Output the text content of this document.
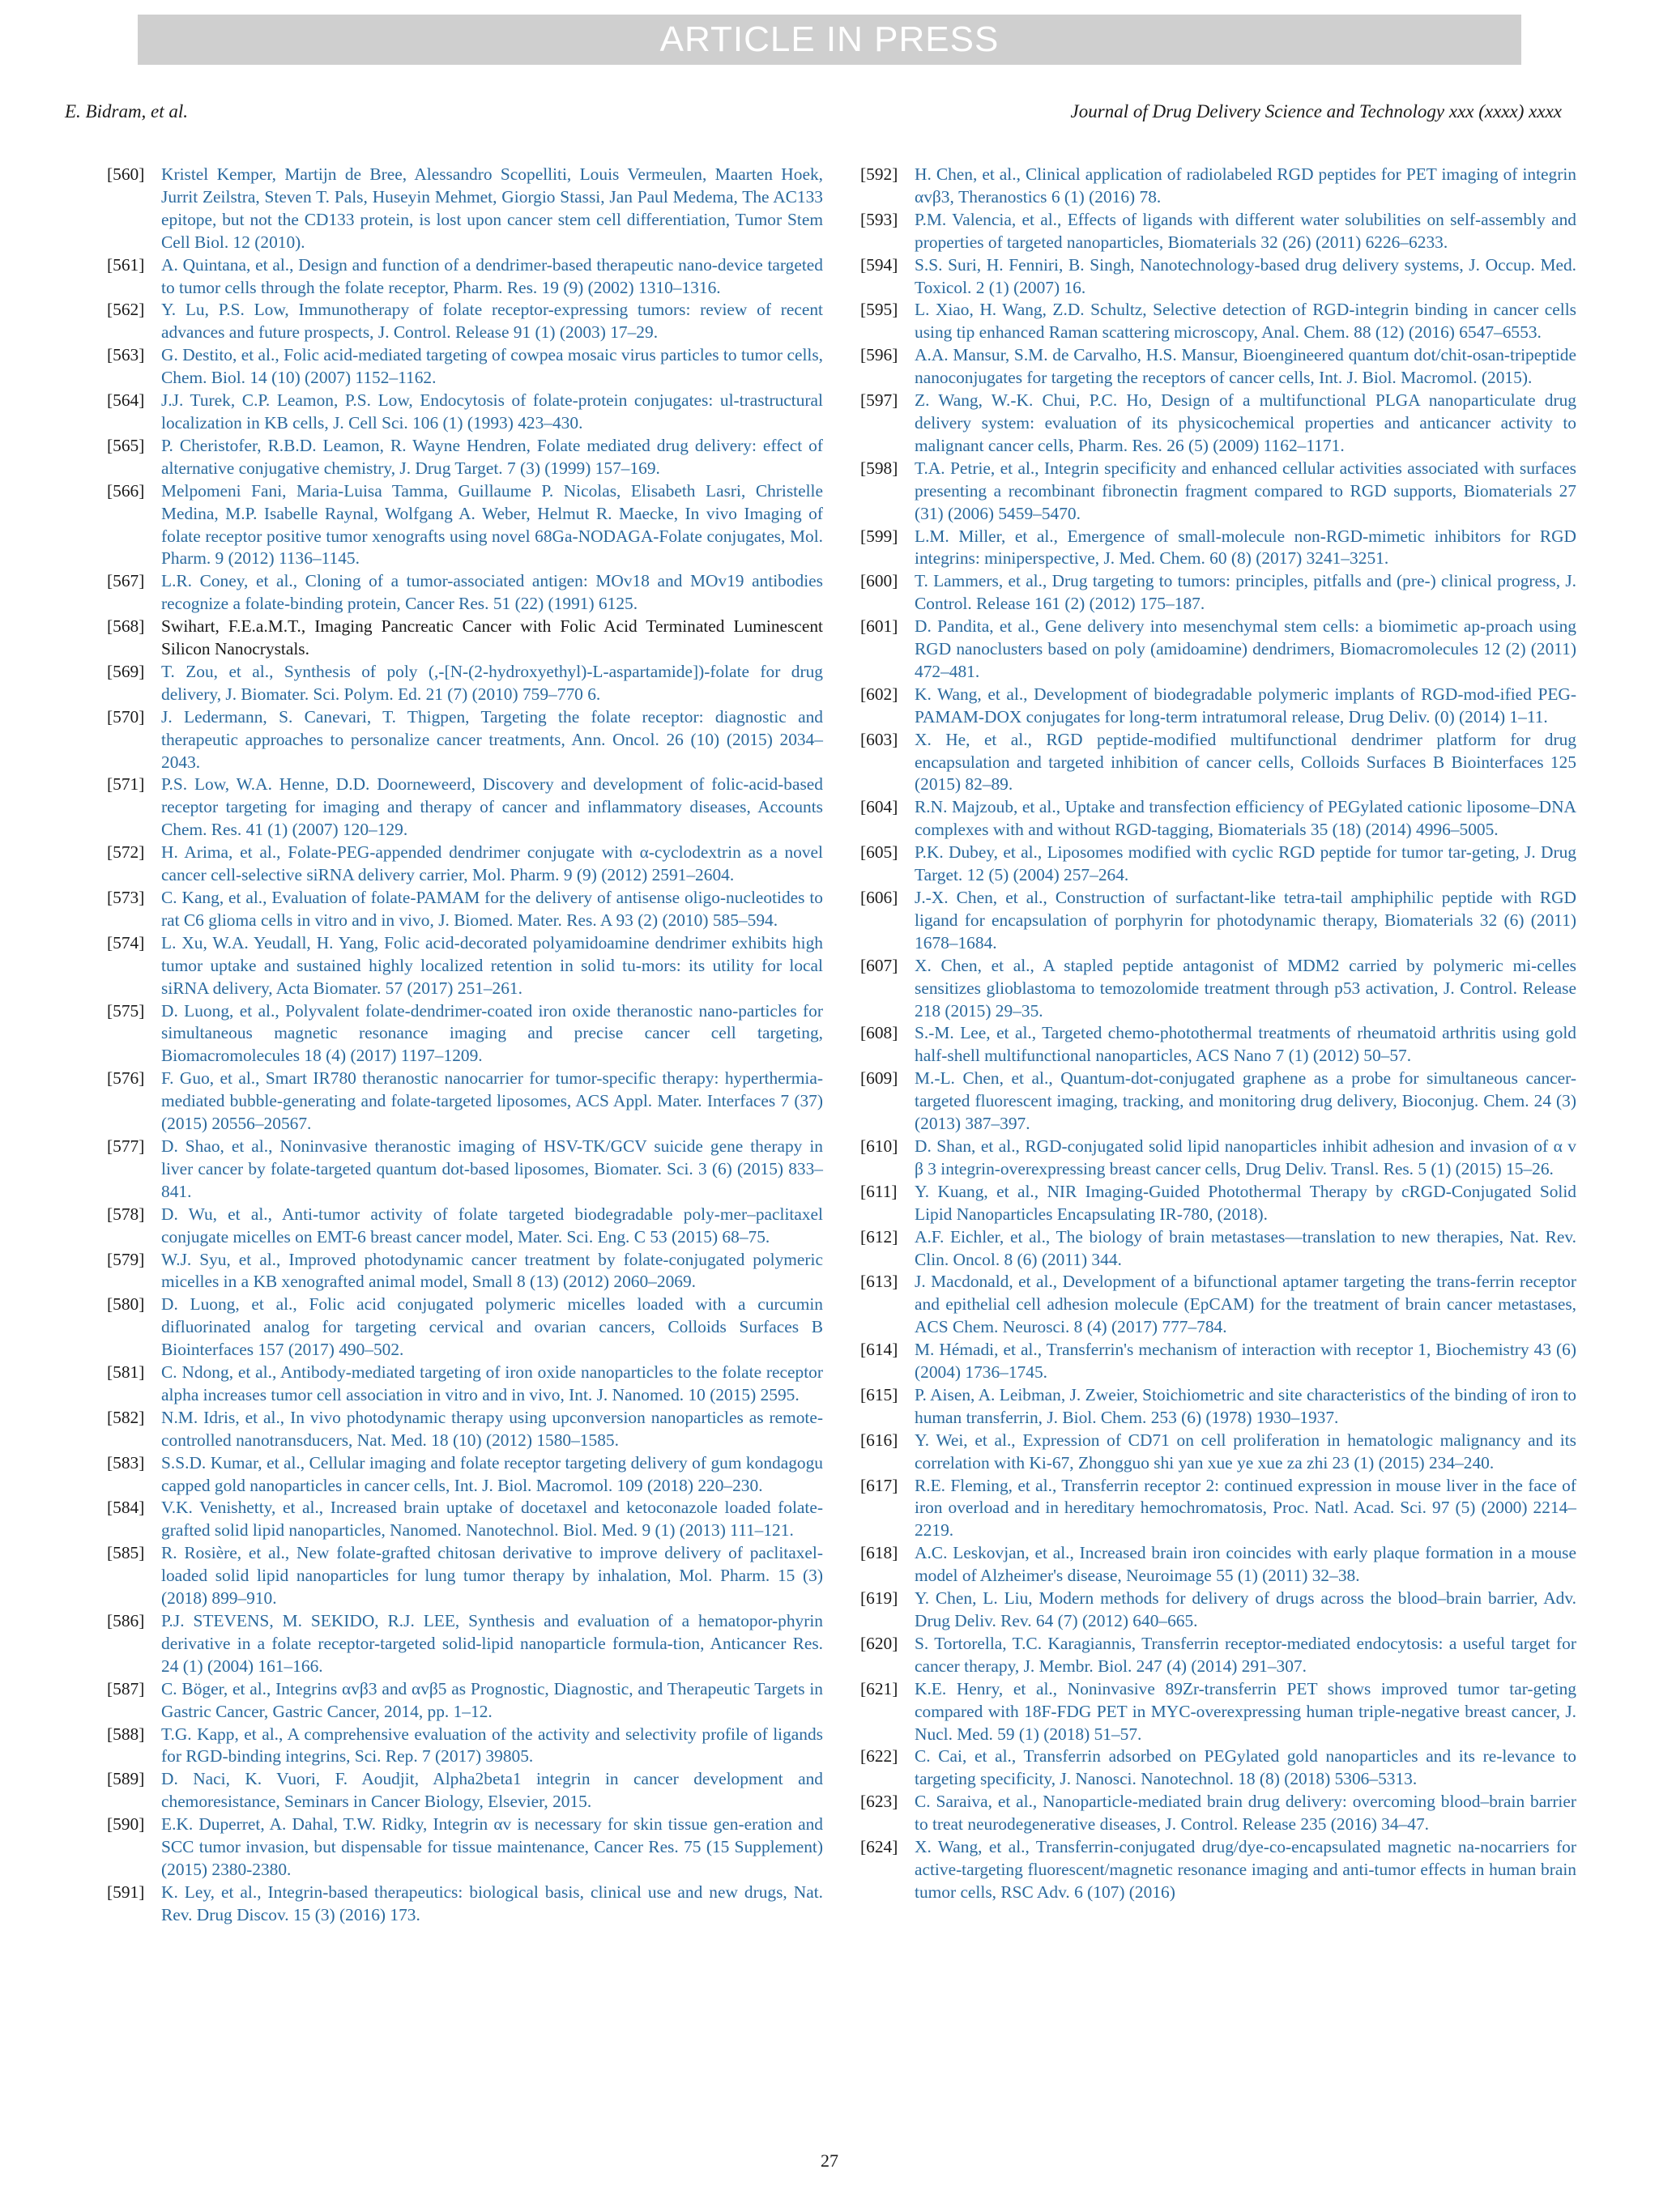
ARTICLE IN PRESS
E. Bidram, et al.	Journal of Drug Delivery Science and Technology xxx (xxxx) xxxx
[560] Kristel Kemper, Martijn de Bree, Alessandro Scopelliti, Louis Vermeulen, Maarten Hoek, Jurrit Zeilstra, Steven T. Pals, Huseyin Mehmet, Giorgio Stassi, Jan Paul Medema, The AC133 epitope, but not the CD133 protein, is lost upon cancer stem cell differentiation, Tumor Stem Cell Biol. 12 (2010).
[561] A. Quintana, et al., Design and function of a dendrimer-based therapeutic nano-device targeted to tumor cells through the folate receptor, Pharm. Res. 19 (9) (2002) 1310–1316.
[562] Y. Lu, P.S. Low, Immunotherapy of folate receptor-expressing tumors: review of recent advances and future prospects, J. Control. Release 91 (1) (2003) 17–29.
[563] G. Destito, et al., Folic acid-mediated targeting of cowpea mosaic virus particles to tumor cells, Chem. Biol. 14 (10) (2007) 1152–1162.
[564] J.J. Turek, C.P. Leamon, P.S. Low, Endocytosis of folate-protein conjugates: ul-trastructural localization in KB cells, J. Cell Sci. 106 (1) (1993) 423–430.
[565] P. Cheristofer, R.B.D. Leamon, R. Wayne Hendren, Folate mediated drug delivery: effect of alternative conjugative chemistry, J. Drug Target. 7 (3) (1999) 157–169.
[566] Melpomeni Fani, Maria-Luisa Tamma, Guillaume P. Nicolas, Elisabeth Lasri, Christelle Medina, M.P. Isabelle Raynal, Wolfgang A. Weber, Helmut R. Maecke, In vivo Imaging of folate receptor positive tumor xenografts using novel 68Ga-NODAGA-Folate conjugates, Mol. Pharm. 9 (2012) 1136–1145.
[567] L.R. Coney, et al., Cloning of a tumor-associated antigen: MOv18 and MOv19 antibodies recognize a folate-binding protein, Cancer Res. 51 (22) (1991) 6125.
[568] Swihart, F.E.a.M.T., Imaging Pancreatic Cancer with Folic Acid Terminated Luminescent Silicon Nanocrystals.
[569] T. Zou, et al., Synthesis of poly (,-[N-(2-hydroxyethyl)-L-aspartamide])-folate for drug delivery, J. Biomater. Sci. Polym. Ed. 21 (7) (2010) 759–770 6.
[570] J. Ledermann, S. Canevari, T. Thigpen, Targeting the folate receptor: diagnostic and therapeutic approaches to personalize cancer treatments, Ann. Oncol. 26 (10) (2015) 2034–2043.
[571] P.S. Low, W.A. Henne, D.D. Doorneweerd, Discovery and development of folic-acid-based receptor targeting for imaging and therapy of cancer and inflammatory diseases, Accounts Chem. Res. 41 (1) (2007) 120–129.
[572] H. Arima, et al., Folate-PEG-appended dendrimer conjugate with α-cyclodextrin as a novel cancer cell-selective siRNA delivery carrier, Mol. Pharm. 9 (9) (2012) 2591–2604.
[573] C. Kang, et al., Evaluation of folate-PAMAM for the delivery of antisense oligo-nucleotides to rat C6 glioma cells in vitro and in vivo, J. Biomed. Mater. Res. A 93 (2) (2010) 585–594.
[574] L. Xu, W.A. Yeudall, H. Yang, Folic acid-decorated polyamidoamine dendrimer exhibits high tumor uptake and sustained highly localized retention in solid tu-mors: its utility for local siRNA delivery, Acta Biomater. 57 (2017) 251–261.
[575] D. Luong, et al., Polyvalent folate-dendrimer-coated iron oxide theranostic nano-particles for simultaneous magnetic resonance imaging and precise cancer cell targeting, Biomacromolecules 18 (4) (2017) 1197–1209.
[576] F. Guo, et al., Smart IR780 theranostic nanocarrier for tumor-specific therapy: hyperthermia-mediated bubble-generating and folate-targeted liposomes, ACS Appl. Mater. Interfaces 7 (37) (2015) 20556–20567.
[577] D. Shao, et al., Noninvasive theranostic imaging of HSV-TK/GCV suicide gene therapy in liver cancer by folate-targeted quantum dot-based liposomes, Biomater. Sci. 3 (6) (2015) 833–841.
[578] D. Wu, et al., Anti-tumor activity of folate targeted biodegradable poly-mer–paclitaxel conjugate micelles on EMT-6 breast cancer model, Mater. Sci. Eng. C 53 (2015) 68–75.
[579] W.J. Syu, et al., Improved photodynamic cancer treatment by folate-conjugated polymeric micelles in a KB xenografted animal model, Small 8 (13) (2012) 2060–2069.
[580] D. Luong, et al., Folic acid conjugated polymeric micelles loaded with a curcumin difluorinated analog for targeting cervical and ovarian cancers, Colloids Surfaces B Biointerfaces 157 (2017) 490–502.
[581] C. Ndong, et al., Antibody-mediated targeting of iron oxide nanoparticles to the folate receptor alpha increases tumor cell association in vitro and in vivo, Int. J. Nanomed. 10 (2015) 2595.
[582] N.M. Idris, et al., In vivo photodynamic therapy using upconversion nanoparticles as remote-controlled nanotransducers, Nat. Med. 18 (10) (2012) 1580–1585.
[583] S.S.D. Kumar, et al., Cellular imaging and folate receptor targeting delivery of gum kondagogu capped gold nanoparticles in cancer cells, Int. J. Biol. Macromol. 109 (2018) 220–230.
[584] V.K. Venishetty, et al., Increased brain uptake of docetaxel and ketoconazole loaded folate-grafted solid lipid nanoparticles, Nanomed. Nanotechnol. Biol. Med. 9 (1) (2013) 111–121.
[585] R. Rosière, et al., New folate-grafted chitosan derivative to improve delivery of paclitaxel-loaded solid lipid nanoparticles for lung tumor therapy by inhalation, Mol. Pharm. 15 (3) (2018) 899–910.
[586] P.J. STEVENS, M. SEKIDO, R.J. LEE, Synthesis and evaluation of a hematopor-phyrin derivative in a folate receptor-targeted solid-lipid nanoparticle formula-tion, Anticancer Res. 24 (1) (2004) 161–166.
[587] C. Böger, et al., Integrins αvβ3 and αvβ5 as Prognostic, Diagnostic, and Therapeutic Targets in Gastric Cancer, Gastric Cancer, 2014, pp. 1–12.
[588] T.G. Kapp, et al., A comprehensive evaluation of the activity and selectivity profile of ligands for RGD-binding integrins, Sci. Rep. 7 (2017) 39805.
[589] D. Naci, K. Vuori, F. Aoudjit, Alpha2beta1 integrin in cancer development and chemoresistance, Seminars in Cancer Biology, Elsevier, 2015.
[590] E.K. Duperret, A. Dahal, T.W. Ridky, Integrin αv is necessary for skin tissue gen-eration and SCC tumor invasion, but dispensable for tissue maintenance, Cancer Res. 75 (15 Supplement) (2015) 2380-2380.
[591] K. Ley, et al., Integrin-based therapeutics: biological basis, clinical use and new drugs, Nat. Rev. Drug Discov. 15 (3) (2016) 173.
[592] H. Chen, et al., Clinical application of radiolabeled RGD peptides for PET imaging of integrin αvβ3, Theranostics 6 (1) (2016) 78.
[593] P.M. Valencia, et al., Effects of ligands with different water solubilities on self-assembly and properties of targeted nanoparticles, Biomaterials 32 (26) (2011) 6226–6233.
[594] S.S. Suri, H. Fenniri, B. Singh, Nanotechnology-based drug delivery systems, J. Occup. Med. Toxicol. 2 (1) (2007) 16.
[595] L. Xiao, H. Wang, Z.D. Schultz, Selective detection of RGD-integrin binding in cancer cells using tip enhanced Raman scattering microscopy, Anal. Chem. 88 (12) (2016) 6547–6553.
[596] A.A. Mansur, S.M. de Carvalho, H.S. Mansur, Bioengineered quantum dot/chit-osan-tripeptide nanoconjugates for targeting the receptors of cancer cells, Int. J. Biol. Macromol. (2015).
[597] Z. Wang, W.-K. Chui, P.C. Ho, Design of a multifunctional PLGA nanoparticulate drug delivery system: evaluation of its physicochemical properties and anticancer activity to malignant cancer cells, Pharm. Res. 26 (5) (2009) 1162–1171.
[598] T.A. Petrie, et al., Integrin specificity and enhanced cellular activities associated with surfaces presenting a recombinant fibronectin fragment compared to RGD supports, Biomaterials 27 (31) (2006) 5459–5470.
[599] L.M. Miller, et al., Emergence of small-molecule non-RGD-mimetic inhibitors for RGD integrins: miniperspective, J. Med. Chem. 60 (8) (2017) 3241–3251.
[600] T. Lammers, et al., Drug targeting to tumors: principles, pitfalls and (pre-) clinical progress, J. Control. Release 161 (2) (2012) 175–187.
[601] D. Pandita, et al., Gene delivery into mesenchymal stem cells: a biomimetic ap-proach using RGD nanoclusters based on poly (amidoamine) dendrimers, Biomacromolecules 12 (2) (2011) 472–481.
[602] K. Wang, et al., Development of biodegradable polymeric implants of RGD-mod-ified PEG-PAMAM-DOX conjugates for long-term intratumoral release, Drug Deliv. (0) (2014) 1–11.
[603] X. He, et al., RGD peptide-modified multifunctional dendrimer platform for drug encapsulation and targeted inhibition of cancer cells, Colloids Surfaces B Biointerfaces 125 (2015) 82–89.
[604] R.N. Majzoub, et al., Uptake and transfection efficiency of PEGylated cationic liposome–DNA complexes with and without RGD-tagging, Biomaterials 35 (18) (2014) 4996–5005.
[605] P.K. Dubey, et al., Liposomes modified with cyclic RGD peptide for tumor tar-geting, J. Drug Target. 12 (5) (2004) 257–264.
[606] J.-X. Chen, et al., Construction of surfactant-like tetra-tail amphiphilic peptide with RGD ligand for encapsulation of porphyrin for photodynamic therapy, Biomaterials 32 (6) (2011) 1678–1684.
[607] X. Chen, et al., A stapled peptide antagonist of MDM2 carried by polymeric mi-celles sensitizes glioblastoma to temozolomide treatment through p53 activation, J. Control. Release 218 (2015) 29–35.
[608] S.-M. Lee, et al., Targeted chemo-photothermal treatments of rheumatoid arthritis using gold half-shell multifunctional nanoparticles, ACS Nano 7 (1) (2012) 50–57.
[609] M.-L. Chen, et al., Quantum-dot-conjugated graphene as a probe for simultaneous cancer-targeted fluorescent imaging, tracking, and monitoring drug delivery, Bioconjug. Chem. 24 (3) (2013) 387–397.
[610] D. Shan, et al., RGD-conjugated solid lipid nanoparticles inhibit adhesion and invasion of α v β 3 integrin-overexpressing breast cancer cells, Drug Deliv. Transl. Res. 5 (1) (2015) 15–26.
[611] Y. Kuang, et al., NIR Imaging-Guided Photothermal Therapy by cRGD-Conjugated Solid Lipid Nanoparticles Encapsulating IR-780, (2018).
[612] A.F. Eichler, et al., The biology of brain metastases—translation to new therapies, Nat. Rev. Clin. Oncol. 8 (6) (2011) 344.
[613] J. Macdonald, et al., Development of a bifunctional aptamer targeting the trans-ferrin receptor and epithelial cell adhesion molecule (EpCAM) for the treatment of brain cancer metastases, ACS Chem. Neurosci. 8 (4) (2017) 777–784.
[614] M. Hémadi, et al., Transferrin's mechanism of interaction with receptor 1, Biochemistry 43 (6) (2004) 1736–1745.
[615] P. Aisen, A. Leibman, J. Zweier, Stoichiometric and site characteristics of the binding of iron to human transferrin, J. Biol. Chem. 253 (6) (1978) 1930–1937.
[616] Y. Wei, et al., Expression of CD71 on cell proliferation in hematologic malignancy and its correlation with Ki-67, Zhongguo shi yan xue ye xue za zhi 23 (1) (2015) 234–240.
[617] R.E. Fleming, et al., Transferrin receptor 2: continued expression in mouse liver in the face of iron overload and in hereditary hemochromatosis, Proc. Natl. Acad. Sci. 97 (5) (2000) 2214–2219.
[618] A.C. Leskovjan, et al., Increased brain iron coincides with early plaque formation in a mouse model of Alzheimer's disease, Neuroimage 55 (1) (2011) 32–38.
[619] Y. Chen, L. Liu, Modern methods for delivery of drugs across the blood–brain barrier, Adv. Drug Deliv. Rev. 64 (7) (2012) 640–665.
[620] S. Tortorella, T.C. Karagiannis, Transferrin receptor-mediated endocytosis: a useful target for cancer therapy, J. Membr. Biol. 247 (4) (2014) 291–307.
[621] K.E. Henry, et al., Noninvasive 89Zr-transferrin PET shows improved tumor tar-geting compared with 18F-FDG PET in MYC-overexpressing human triple-negative breast cancer, J. Nucl. Med. 59 (1) (2018) 51–57.
[622] C. Cai, et al., Transferrin adsorbed on PEGylated gold nanoparticles and its re-levance to targeting specificity, J. Nanosci. Nanotechnol. 18 (8) (2018) 5306–5313.
[623] C. Saraiva, et al., Nanoparticle-mediated brain drug delivery: overcoming blood–brain barrier to treat neurodegenerative diseases, J. Control. Release 235 (2016) 34–47.
[624] X. Wang, et al., Transferrin-conjugated drug/dye-co-encapsulated magnetic na-nocarriers for active-targeting fluorescent/magnetic resonance imaging and anti-tumor effects in human brain tumor cells, RSC Adv. 6 (107) (2016)
27
